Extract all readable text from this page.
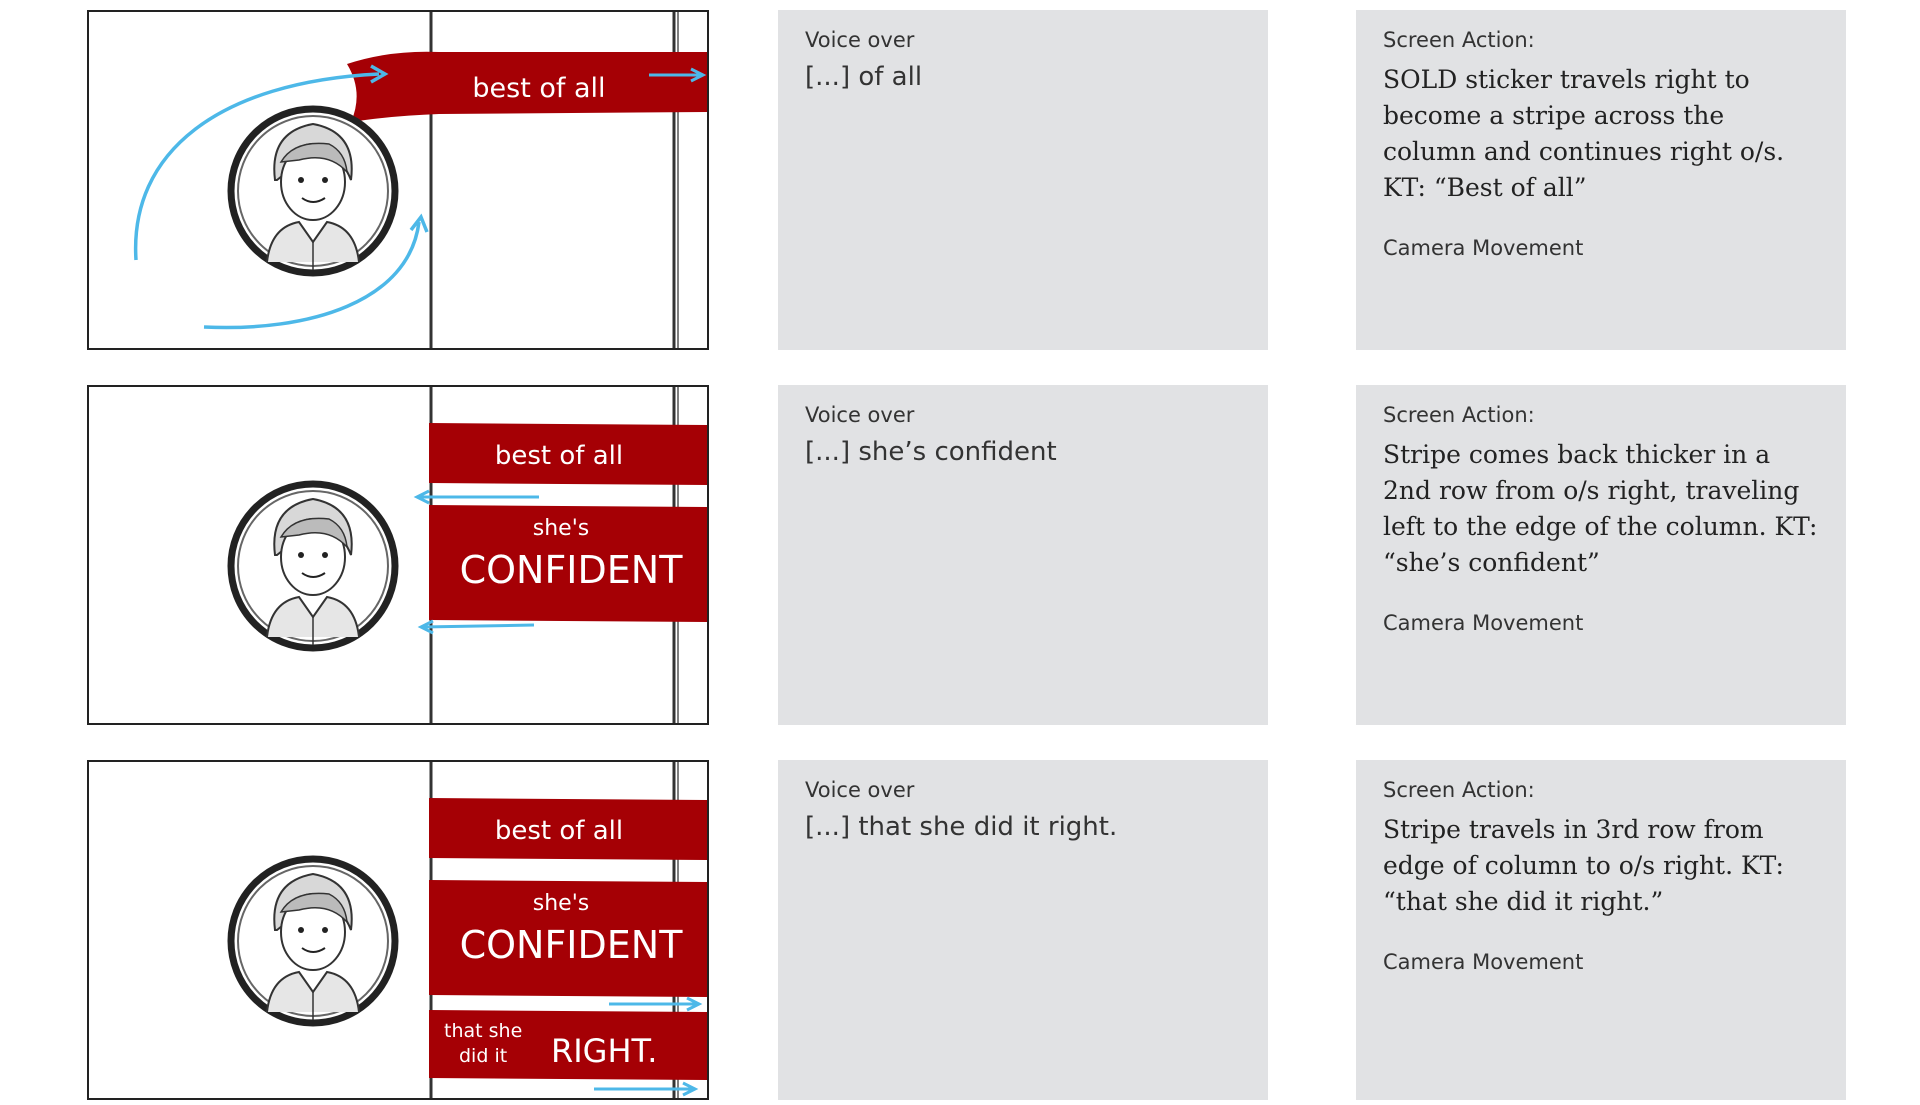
best of all

Voice over

[...] of all

Screen Action:

SOLD sticker travels right to become a stripe across the column and continues right o/s. KT: “Best of all”

Camera Movement

best of all
she's
CONFIDENT

Voice over

[...] she’s confident

Screen Action:

Stripe comes back thicker in a 2nd row from o/s right, traveling left to the edge of the column. KT: “she’s confident”

Camera Movement

best of all
she's
CONFIDENT
that she
did it RIGHT.

Voice over

[...] that she did it right.

Screen Action:

Stripe travels in 3rd row from edge of column to o/s right. KT: “that she did it right.”

Camera Movement
